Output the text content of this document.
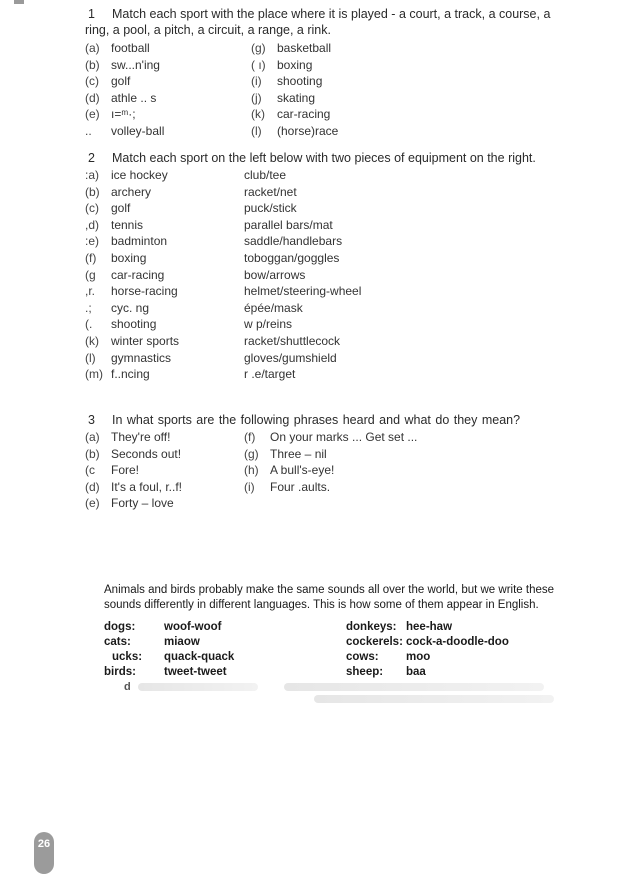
1	Match each sport with the place where it is played - a court, a track, a course, a ring, a pool, a pitch, a circuit, a range, a rink.
(a) football	(g) basketball
(b) sw...n'ing	( ı) boxing
(c)	golf	(i)	shooting
(d) athle .. s	(j)	skating
(e) ı=ᵐ·;	(k)	car-racing
..	volley-ball	(l)	(horse)race
2	Match each sport on the left below with two pieces of equipment on the right.
:a) ice hockey	club/tee
(b) archery	racket/net
(c)	golf	puck/stick
,d) tennis	parallel bars/mat
:e) badminton	saddle/handlebars
(f)	boxing	toboggan/goggles
(g	car-racing	bow/arrows
,r.	horse-racing	helmet/steering-wheel
.;	cyc. ng	épée/mask
(.	shooting	w p/reins
(k)	winter sports	racket/shuttlecock
(l)	gymnastics	gloves/gumshield
(m) f..ncing	r .e/target
3	In what sports are the following phrases heard and what do they mean?
(a) They're off!	(f)	On your marks ... Get set ...
(b) Seconds out!	(g) Three – nil
(c	Fore!	(h) A bull's-eye!
(d) It's a foul, r..f!	(i)	Four .aults.
(e) Forty – love

Animals and birds probably make the same sounds all over the world, but we write these sounds differently in different languages. This is how some of them appear in English.

dogs:	woof-woof	donkeys: hee-haw
cats:	miaow	cockerels: cock-a-doodle-doo
ucks:	quack-quack	cows:	moo
birds:	tweet-tweet	sheep:	baa
d
26
